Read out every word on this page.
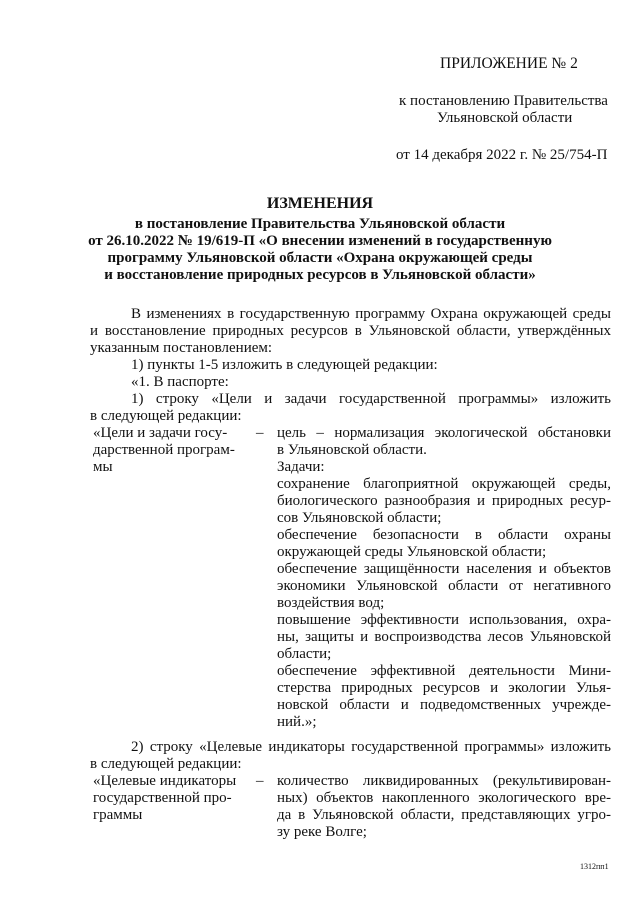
ПРИЛОЖЕНИЕ № 2
к постановлению Правительства
Ульяновской области
от 14 декабря 2022 г. № 25/754-П
ИЗМЕНЕНИЯ
в постановление Правительства Ульяновской области
от 26.10.2022 № 19/619-П «О внесении изменений в государственную
программу Ульяновской области «Охрана окружающей среды
и восстановление природных ресурсов в Ульяновской области»
В изменениях в государственную программу Охрана окружающей среды
и восстановление природных ресурсов в Ульяновской области, утверждённых
указанным постановлением:
1) пункты 1-5 изложить в следующей редакции:
«1. В паспорте:
1) строку «Цели и задачи государственной программы» изложить
в следующей редакции:
«Цели и задачи госу-
дарственной програм-
мы
– цель – нормализация экологической обстановки
в Ульяновской области.
Задачи:
сохранение благоприятной окружающей среды,
биологического разнообразия и природных ресур-
сов Ульяновской области;
обеспечение безопасности в области охраны
окружающей среды Ульяновской области;
обеспечение защищённости населения и объектов
экономики Ульяновской области от негативного
воздействия вод;
повышение эффективности использования, охра-
ны, защиты и воспроизводства лесов Ульяновской
области;
обеспечение эффективной деятельности Мини-
стерства природных ресурсов и экологии Улья-
новской области и подведомственных учрежде-
ний.»;
2) строку «Целевые индикаторы государственной программы» изложить
в следующей редакции:
«Целевые индикаторы
государственной про-
граммы
– количество ликвидированных (рекультивирован-
ных) объектов накопленного экологического вре-
да в Ульяновской области, представляющих угро-
зу реке Волге;
1312пп1
